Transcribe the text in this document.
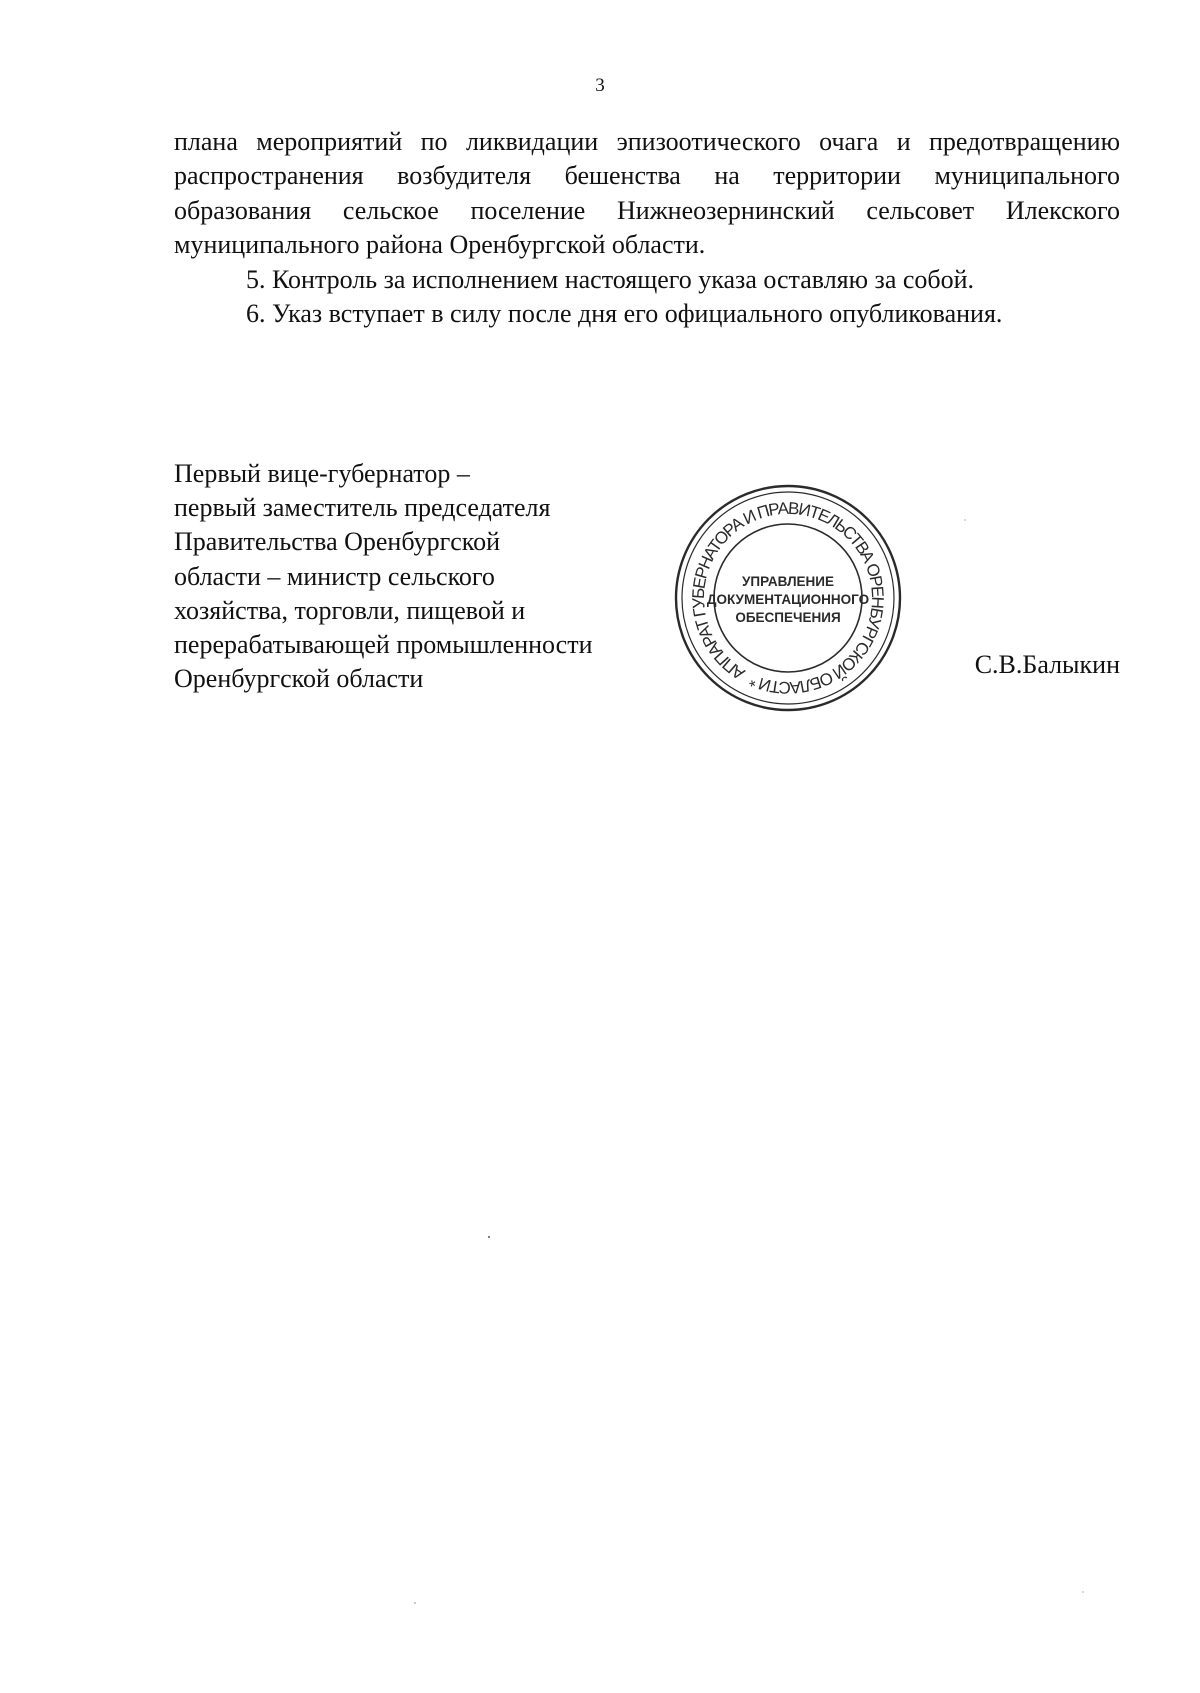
3

плана мероприятий по ликвидации эпизоотического очага и предотвращению распространения возбудителя бешенства на территории муниципального образования сельское поселение Нижнеозернинский сельсовет Илекского муниципального района Оренбургской области.

5. Контроль за исполнением настоящего указа оставляю за собой.

6. Указ вступает в силу после дня его официального опубликования.

Первый вице-губернатор –
первый заместитель председателя
Правительства Оренбургской
области – министр сельского
хозяйства, торговли, пищевой и
перерабатывающей промышленности
Оренбургской области	АППАРАТ ГУБЕРНАТОРА И ПРАВИТЕЛЬСТВА ОРЕНБУРГСКОЙ ОБЛАСТИ *
УПРАВЛЕНИЕ
ДОКУМЕНТАЦИОННОГО
ОБЕСПЕЧЕНИЯ
С.В.Балыкин
